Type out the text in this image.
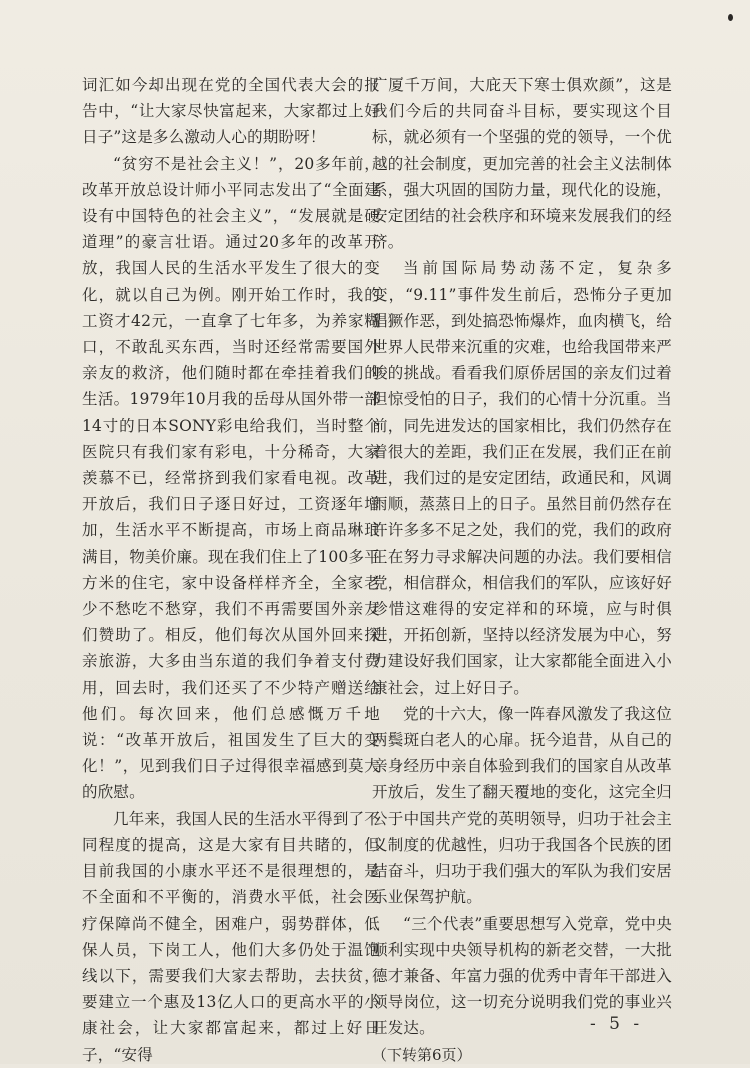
词汇如今却出现在党的全国代表大会的报告中，“让大家尽快富起来，大家都过上好日子”这是多么激动人心的期盼呀！

“贫穷不是社会主义！”，20多年前，改革开放总设计师小平同志发出了“全面建设有中国特色的社会主义”，“发展就是硬道理”的豪言壮语。通过20多年的改革开放，我国人民的生活水平发生了很大的变化，就以自己为例。刚开始工作时，我的工资才42元，一直拿了七年多，为养家糊口，不敢乱买东西，当时还经常需要国外亲友的救济，他们随时都在牵挂着我们的生活。1979年10月我的岳母从国外带一部14寸的日本SONY彩电给我们，当时整个医院只有我们家有彩电，十分稀奇，大家羡慕不已，经常挤到我们家看电视。改革开放后，我们日子逐日好过，工资逐年增加，生活水平不断提高，市场上商品琳琅满目，物美价廉。现在我们住上了100多平方米的住宅，家中设备样样齐全，全家老少不愁吃不愁穿，我们不再需要国外亲友们赞助了。相反，他们每次从国外回来探亲旅游，大多由当东道的我们争着支付费用，回去时，我们还买了不少特产赠送给他们。每次回来，他们总感慨万千地说：“改革开放后，祖国发生了巨大的变化！”，见到我们日子过得很幸福感到莫大的欣慰。

几年来，我国人民的生活水平得到了不同程度的提高，这是大家有目共睹的，但目前我国的小康水平还不是很理想的，是不全面和不平衡的，消费水平低，社会医疗保障尚不健全，困难户，弱势群体，低保人员，下岗工人，他们大多仍处于温饱线以下，需要我们大家去帮助，去扶贫，要建立一个惠及13亿人口的更高水平的小康社会，让大家都富起来，都过上好日子，“安得

广厦千万间，大庇天下寒士俱欢颜”，这是我们今后的共同奋斗目标，要实现这个目标，就必须有一个坚强的党的领导，一个优越的社会制度，更加完善的社会主义法制体系，强大巩固的国防力量，现代化的设施，安定团结的社会秩序和环境来发展我们的经济。

当前国际局势动荡不定，复杂多变，“9.11”事件发生前后，恐怖分子更加猖獗作恶，到处搞恐怖爆炸，血肉横飞，给世界人民带来沉重的灾难，也给我国带来严峻的挑战。看看我们原侨居国的亲友们过着担惊受怕的日子，我们的心情十分沉重。当前，同先进发达的国家相比，我们仍然存在着很大的差距，我们正在发展，我们正在前进，我们过的是安定团结，政通民和，风调雨顺，蒸蒸日上的日子。虽然目前仍然存在许许多多不足之处，我们的党，我们的政府正在努力寻求解决问题的办法。我们要相信党，相信群众，相信我们的军队，应该好好珍惜这难得的安定祥和的环境，应与时俱进，开拓创新，坚持以经济发展为中心，努力建设好我们国家，让大家都能全面进入小康社会，过上好日子。

党的十六大，像一阵春风激发了我这位两鬓斑白老人的心扉。抚今追昔，从自己的亲身经历中亲自体验到我们的国家自从改革开放后，发生了翻天覆地的变化，这完全归公于中国共产党的英明领导，归功于社会主义制度的优越性，归功于我国各个民族的团结奋斗，归功于我们强大的军队为我们安居乐业保驾护航。

“三个代表”重要思想写入党章，党中央顺利实现中央领导机构的新老交替，一大批德才兼备、年富力强的优秀中青年干部进入领导岗位，这一切充分说明我们党的事业兴旺发达。

（下转第6页）
- 5 -
